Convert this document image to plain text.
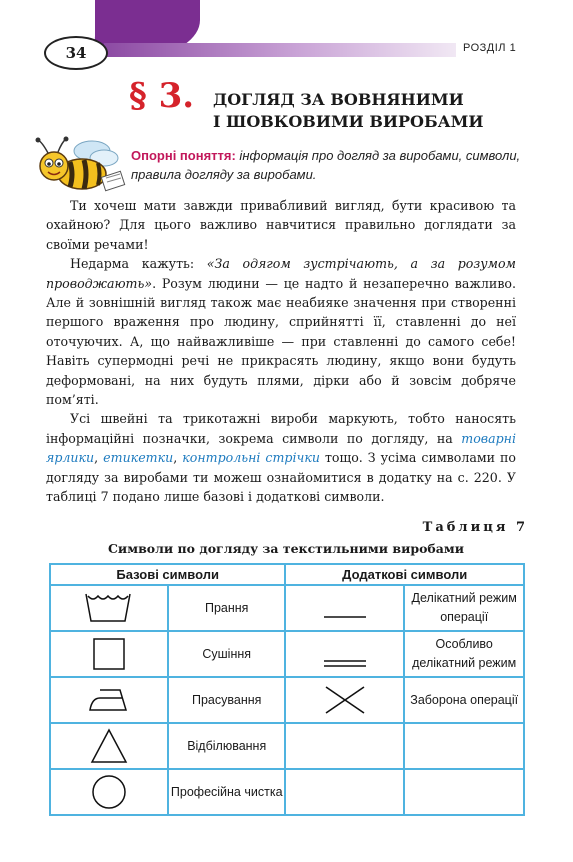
34	РОЗДІЛ 1
§ 3. ДОГЛЯД ЗА ВОВНЯНИМИ
І ШОВКОВИМИ ВИРОБАМИ
Опорні поняття: інформація про догляд за виробами, символи, правила догляду за виробами.

Ти хочеш мати завжди привабливий вигляд, бути красивою та охайною? Для цього важливо навчитися правильно доглядати за своїми речами!

Недарма кажуть: «За одягом зустрічають, а за розумом проводжають». Розум людини — це надто й незаперечно важливо. Але й зовнішній вигляд також має неабияке значення при створенні першого враження про людину, сприйнятті її, ставленні до неї оточуючих. А, що найважливіше — при ставленні до самого себе! Навіть супермодні речі не прикрасять людину, якщо вони будуть деформовані, на них будуть плями, дірки або й зовсім добряче пом’яті.

Усі швейні та трикотажні вироби маркують, тобто наносять інформаційні позначки, зокрема символи по догляду, на товарні ярлики, етикетки, контрольні стрічки тощо. З усіма символами по догляду за виробами ти можеш ознайомитися в додатку на с. 220. У таблиці 7 подано лише базові і додаткові символи.

Таблиця 7
Символи по догляду за текстильними виробами
Базові символи		Додаткові символи	

	Прання		Делікатний режим операції

	Сушіння		Особливо делікатний режим

	Прасування		Заборона операції

	Відбілювання		

	Професійна чистка		
